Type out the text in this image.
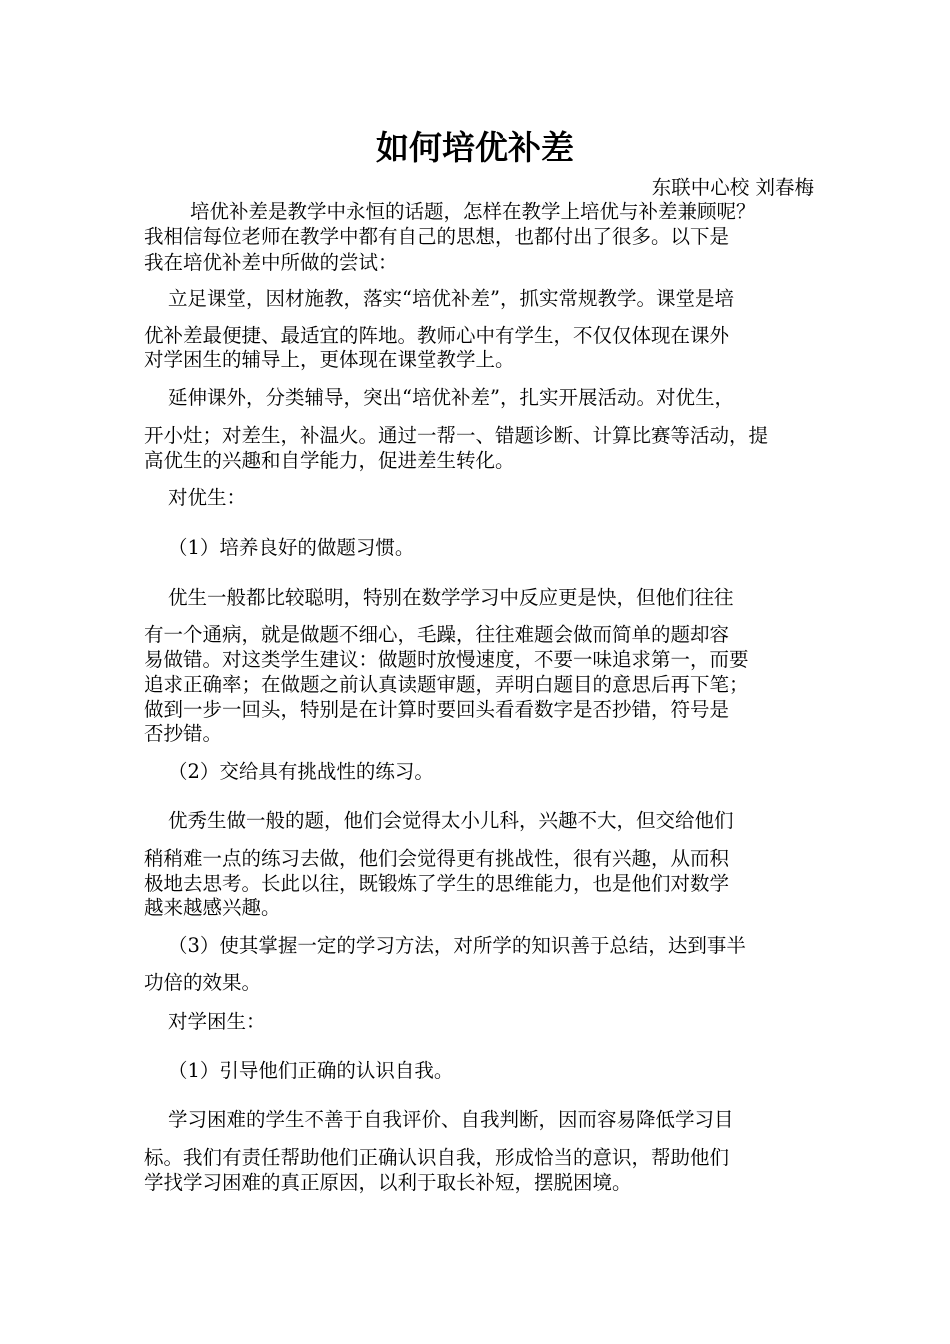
如何培优补差
东联中心校 刘春梅
培优补差是教学中永恒的话题，怎样在教学上培优与补差兼顾呢？
我相信每位老师在教学中都有自己的思想，也都付出了很多。以下是
我在培优补差中所做的尝试：
立足课堂，因材施教，落实“培优补差”，抓实常规教学。课堂是培
优补差最便捷、最适宜的阵地。教师心中有学生，不仅仅体现在课外
对学困生的辅导上，更体现在课堂教学上。
延伸课外，分类辅导，突出“培优补差”，扎实开展活动。对优生，
开小灶；对差生，补温火。通过一帮一、错题诊断、计算比赛等活动，提
高优生的兴趣和自学能力，促进差生转化。
对优生：
（1）培养良好的做题习惯。
优生一般都比较聪明，特别在数学学习中反应更是快，但他们往往
有一个通病，就是做题不细心，毛躁，往往难题会做而简单的题却容
易做错。对这类学生建议：做题时放慢速度，不要一味追求第一，而要
追求正确率；在做题之前认真读题审题，弄明白题目的意思后再下笔；
做到一步一回头，特别是在计算时要回头看看数字是否抄错，符号是
否抄错。
（2）交给具有挑战性的练习。
优秀生做一般的题，他们会觉得太小儿科，兴趣不大，但交给他们
稍稍难一点的练习去做，他们会觉得更有挑战性，很有兴趣，从而积
极地去思考。长此以往，既锻炼了学生的思维能力，也是他们对数学
越来越感兴趣。
（3）使其掌握一定的学习方法，对所学的知识善于总结，达到事半
功倍的效果。
对学困生：
（1）引导他们正确的认识自我。
学习困难的学生不善于自我评价、自我判断，因而容易降低学习目
标。我们有责任帮助他们正确认识自我，形成恰当的意识，帮助他们
学找学习困难的真正原因，以利于取长补短，摆脱困境。
